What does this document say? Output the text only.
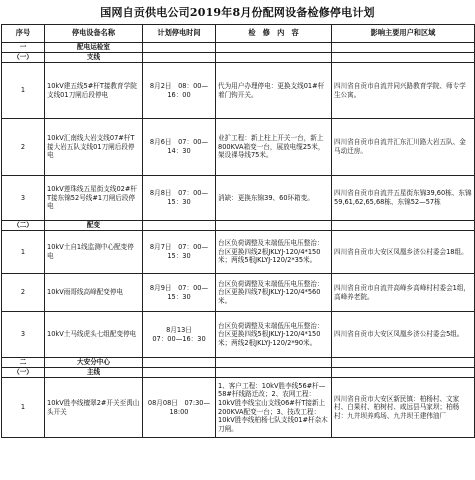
国网自贡供电公司2019年8月份配网设备检修停电计划
序号	停电设备名称	计划停电时间	检　修　内　容	影响主要用户和区域
一	配电运检室			
（一）	支线			
1	10kV建五线5#杆T接教育学院支线01刀闸后段停电	8月2日　08：00—16：00	代为用户办理停电：更换支线01#杆着门钩开关。	四川省自贡市自流井同兴路教育学院、师专学生公寓。
2	10kV汇南线大岩支线07#杆T接大岩五队支线01刀闸后段停电	8月6日　07：00—14：30	业扩工程：新上柱上开关一台，新上800KVA箱变一台，展放电缆25米，架设裸导线75米。	四川省自贡市自流井汇东汇川路大岩五队、金马动迁房。
3	10kV莲珠线五星街支线02#杆T接东锦52号线#1刀闸后段停电	8月8日　07：00—15：30	消缺：更换东锦39、60环箱变。	四川省自贡市自流井五星街东锦39,60栋、东锦59,61,62,65,68栋、东锦52—57栋
（二）	配变			
1	10kV土自1线监测中心配变停电	8月7日　07：00—15：30	台区负荷调整及末端低压电压整治：台区更换四线2根JKLYJ-120/4*150米；两线5根JKLYJ-120/2*35米。	四川省自贡市大安区凤凰乡济公村委会18组。
2	10kV雨哥线高峰配变停电	8月9日　07：00—15：30	台区负荷调整及末端低压电压整治：台区更换四线7根JKLYJ-120/4*560米。	四川省自贡市自流井高峰乡高峰村村委会1组，高峰养老院。
3	10kV土马线虎头七组配变停电	8月13日
07：00—16：30	台区负荷调整及末端低压电压整治：台区更换四线5根JKLYJ-120/4*150米；两线2根JKLYJ-120/2*90米。	四川省自贡市大安区凤凰乡济公村委会5组。
二	大安分中心			
（一）	主线			
1	10kV胜李线檀翠2#开关至禹山头开关	08月08日　07:30—18:00	1、客户工程：10kV胜李线56#杆—58#杆线路迁改；2、农网工程：10kV胜李线宝山支线06#杆T接新上200KVA配变一台；3、技改工程：10kV胜李线柏杨七队支线01#杆杂木刀闸。	四川省自贡市大安区新民镇：柏杨村、文家村、白果村、柏树村、咸远县马家坝；柏杨村：九井坝养鸡场、九井坝王建伟油厂
